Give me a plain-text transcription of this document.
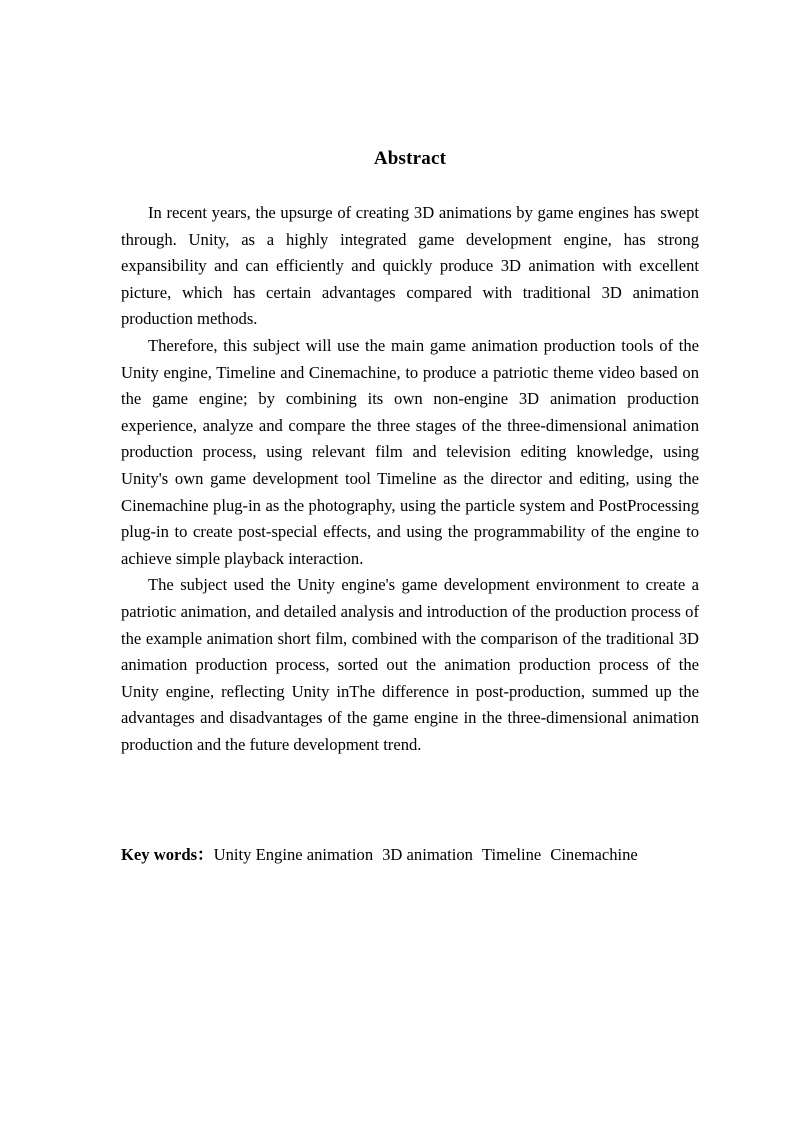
Abstract

In recent years, the upsurge of creating 3D animations by game engines has swept through. Unity, as a highly integrated game development engine, has strong expansibility and can efficiently and quickly produce 3D animation with excellent picture, which has certain advantages compared with traditional 3D animation production methods.

Therefore, this subject will use the main game animation production tools of the Unity engine, Timeline and Cinemachine, to produce a patriotic theme video based on the game engine; by combining its own non-engine 3D animation production experience, analyze and compare the three stages of the three-dimensional animation production process, using relevant film and television editing knowledge, using Unity's own game development tool Timeline as the director and editing, using the Cinemachine plug-in as the photography, using the particle system and PostProcessing plug-in to create post-special effects, and using the programmability of the engine to achieve simple playback interaction.

The subject used the Unity engine's game development environment to create a patriotic animation, and detailed analysis and introduction of the production process of the example animation short film, combined with the comparison of the traditional 3D animation production process, sorted out the animation production process of the Unity engine, reflecting Unity inThe difference in post-production, summed up the advantages and disadvantages of the game engine in the three-dimensional animation production and the future development trend.

Key words：Unity Engine animation 3D animation Timeline Cinemachine
